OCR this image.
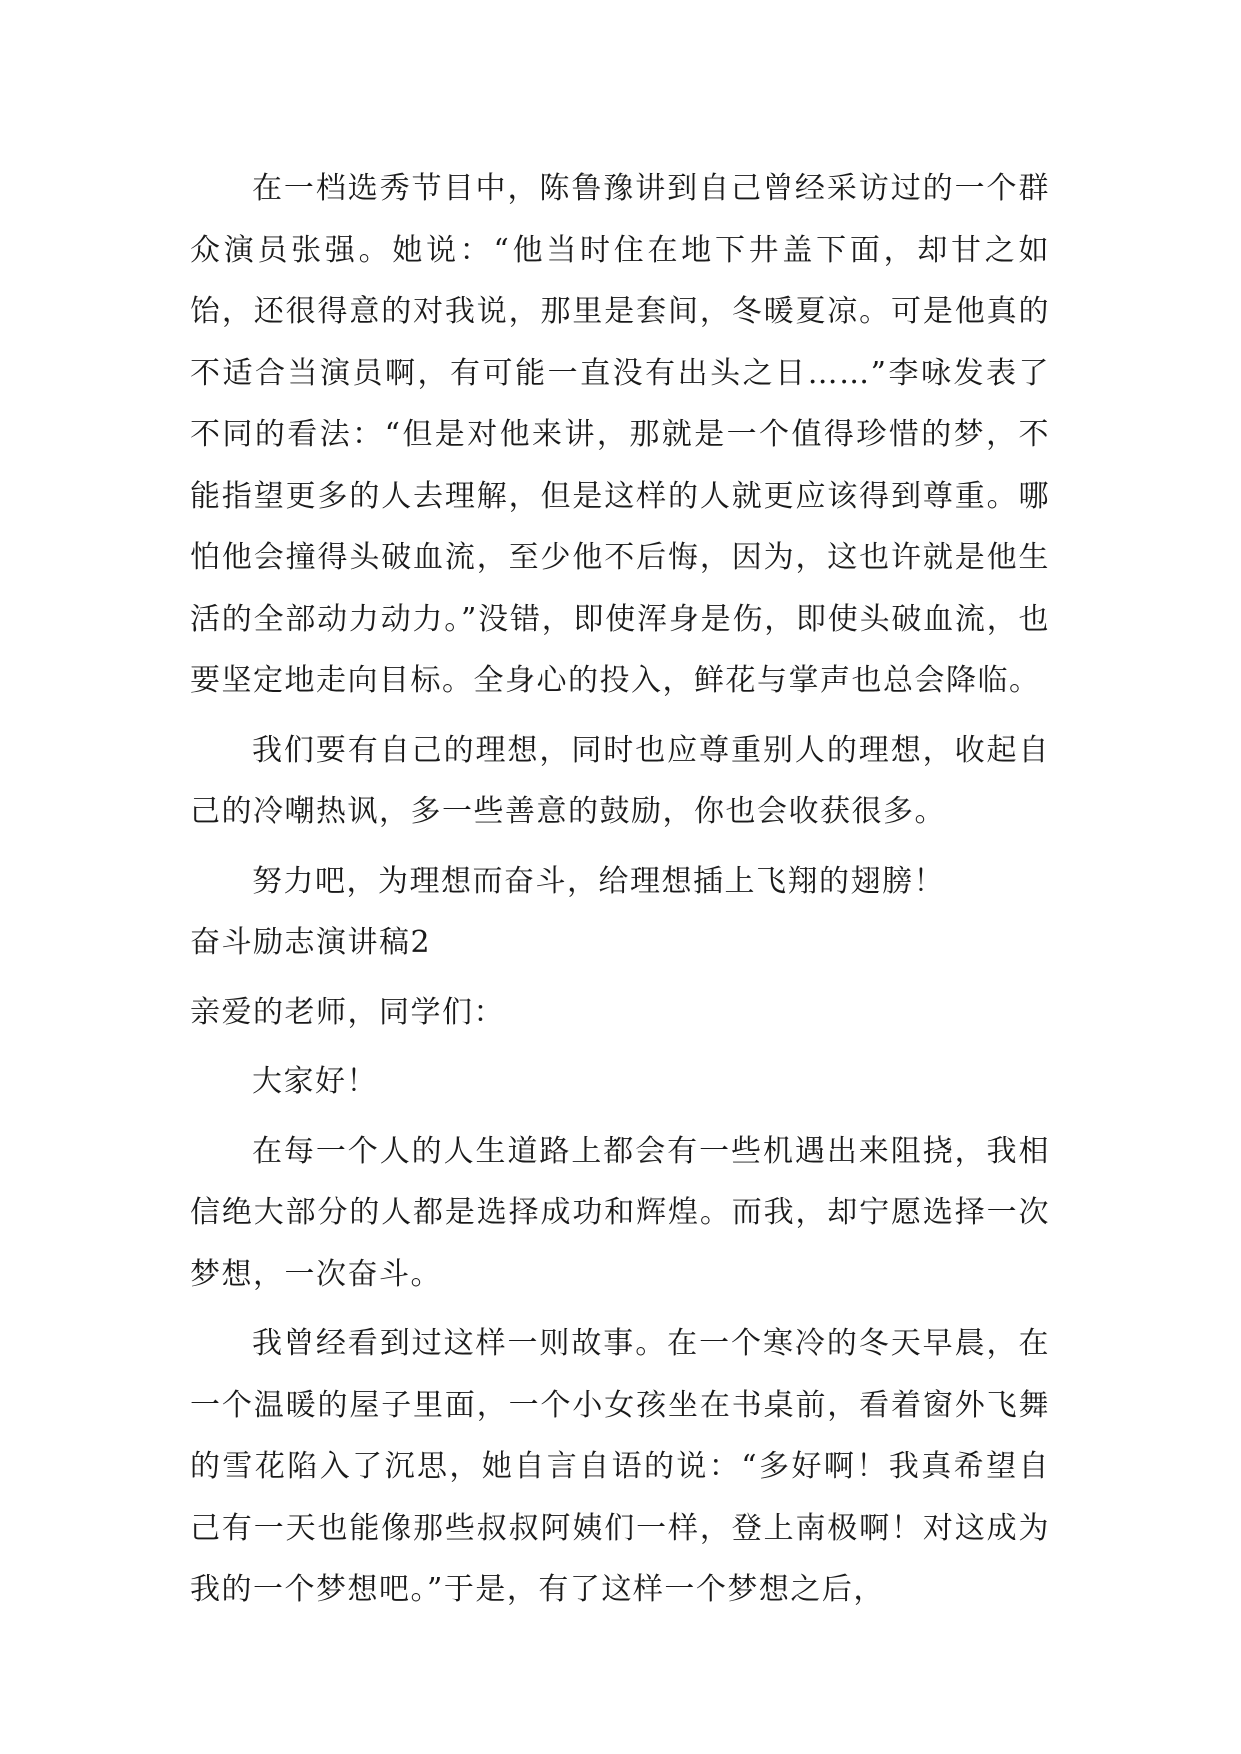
在一档选秀节目中，陈鲁豫讲到自己曾经采访过的一个群众演员张强。她说：“他当时住在地下井盖下面，却甘之如饴，还很得意的对我说，那里是套间，冬暖夏凉。可是他真的不适合当演员啊，有可能一直没有出头之日……”李咏发表了不同的看法：“但是对他来讲，那就是一个值得珍惜的梦，不能指望更多的人去理解，但是这样的人就更应该得到尊重。哪怕他会撞得头破血流，至少他不后悔，因为，这也许就是他生活的全部动力动力。”没错，即使浑身是伤，即使头破血流，也要坚定地走向目标。全身心的投入，鲜花与掌声也总会降临。

我们要有自己的理想，同时也应尊重别人的理想，收起自己的冷嘲热讽，多一些善意的鼓励，你也会收获很多。

努力吧，为理想而奋斗，给理想插上飞翔的翅膀！

奋斗励志演讲稿2

亲爱的老师，同学们：

大家好！

在每一个人的人生道路上都会有一些机遇出来阻挠，我相信绝大部分的人都是选择成功和辉煌。而我，却宁愿选择一次梦想，一次奋斗。

我曾经看到过这样一则故事。在一个寒冷的冬天早晨，在一个温暖的屋子里面，一个小女孩坐在书桌前，看着窗外飞舞的雪花陷入了沉思，她自言自语的说：“多好啊！我真希望自己有一天也能像那些叔叔阿姨们一样，登上南极啊！对这成为我的一个梦想吧。”于是，有了这样一个梦想之后，
